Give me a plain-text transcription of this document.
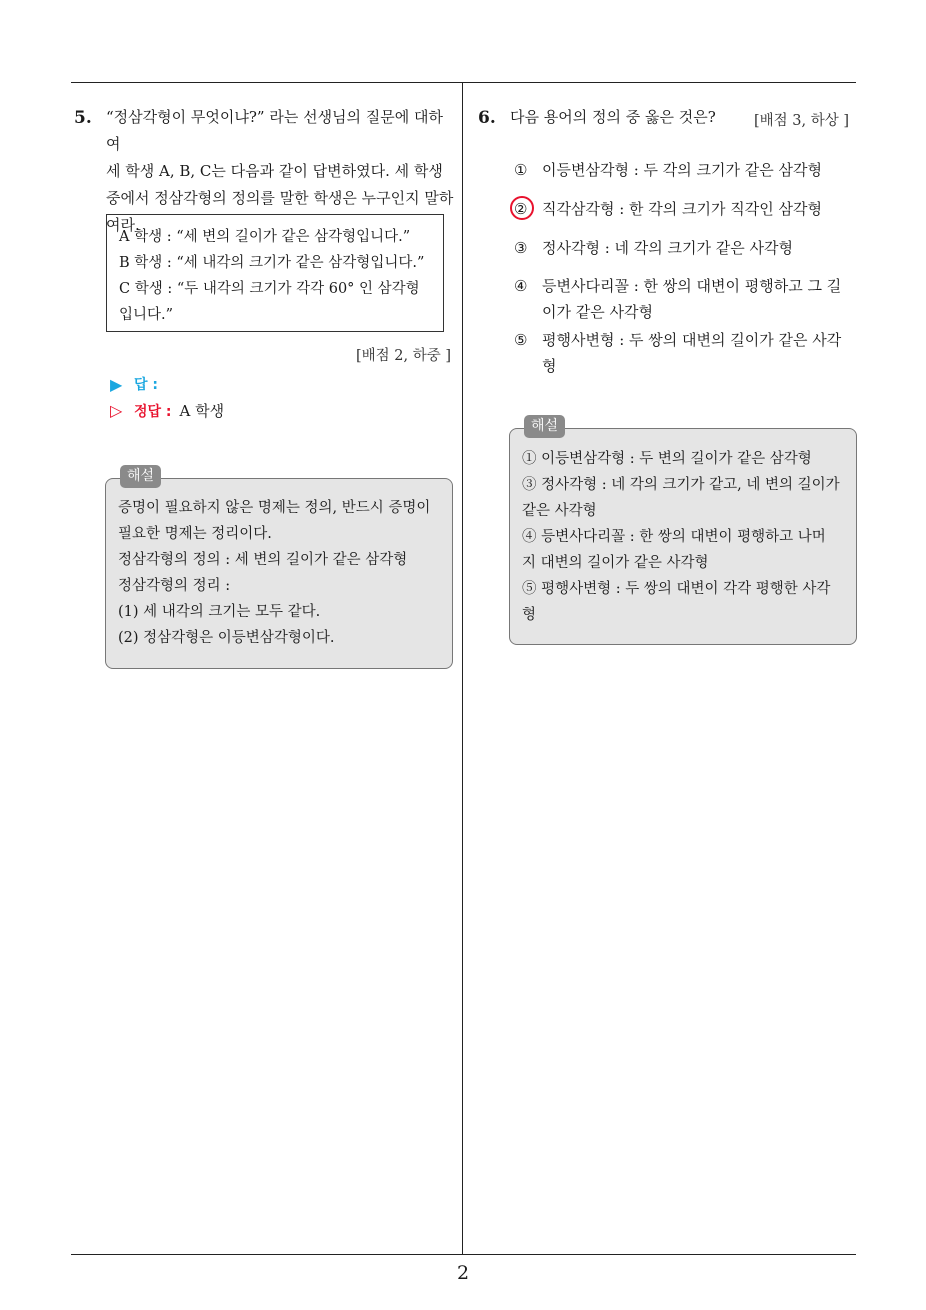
5. “정삼각형이 무엇이냐?” 라는 선생님의 질문에 대하여
세 학생 A, B, C는 다음과 같이 답변하였다. 세 학생
중에서 정삼각형의 정의를 말한 학생은 누구인지 말하
여라.
A 학생 : “세 변의 길이가 같은 삼각형입니다.”
B 학생 : “세 내각의 크기가 같은 삼각형입니다.”
C 학생 : “두 내각의 크기가 각각 60° 인 삼각형
입니다.”
[배점 2, 하중 ]
▶ 답 :
▷ 정답 : A 학생
증명이 필요하지 않은 명제는 정의, 반드시 증명이
필요한 명제는 정리이다.
정삼각형의 정의 : 세 변의 길이가 같은 삼각형
정삼각형의 정리 :
(1) 세 내각의 크기는 모두 같다.
(2) 정삼각형은 이등변삼각형이다.
해설
6. 다음 용어의 정의 중 옳은 것은?	[배점 3, 하상 ]
① 이등변삼각형 : 두 각의 크기가 같은 삼각형
② 직각삼각형 : 한 각의 크기가 직각인 삼각형
③ 정사각형 : 네 각의 크기가 같은 사각형
④ 등변사다리꼴 : 한 쌍의 대변이 평행하고 그 길
이가 같은 사각형
⑤ 평행사변형 : 두 쌍의 대변의 길이가 같은 사각
형
① 이등변삼각형 : 두 변의 길이가 같은 삼각형
③ 정사각형 : 네 각의 크기가 같고, 네 변의 길이가
같은 사각형
④ 등변사다리꼴 : 한 쌍의 대변이 평행하고 나머
지 대변의 길이가 같은 사각형
⑤ 평행사변형 : 두 쌍의 대변이 각각 평행한 사각
형
해설
2
